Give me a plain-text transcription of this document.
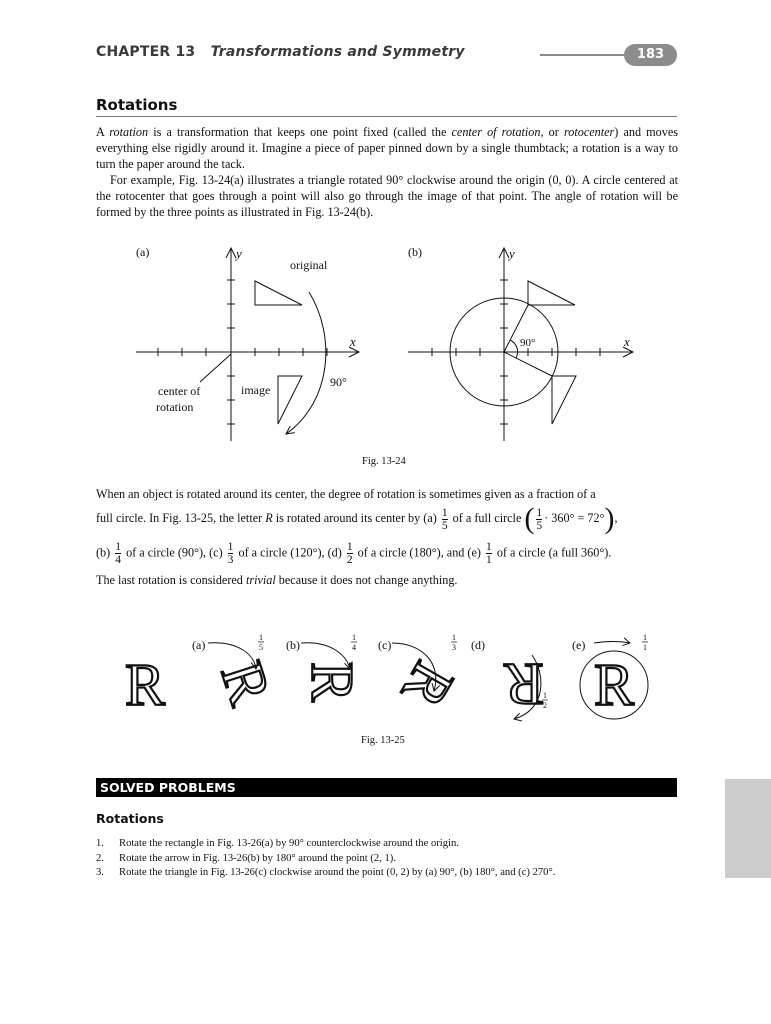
CHAPTER 13 Transformations and Symmetry	183
Rotations

A rotation is a transformation that keeps one point fixed (called the center of rotation, or rotocenter) and moves everything else rigidly around it. Imagine a piece of paper pinned down by a single thumbtack; a rotation is a way to turn the paper around the tack.

For example, Fig. 13-24(a) illustrates a triangle rotated 90° clockwise around the origin (0, 0). A circle centered at the rotocenter that goes through a point will also go through the image of that point. The angle of rotation will be formed by the three points as illustrated in Fig. 13-24(b).

(a)	y
x
original
image
90°
center of
rotation
(b)	y
x
90°
Fig. 13-24
When an object is rotated around its center, the degree of rotation is sometimes given as a fraction of a
full circle. In Fig. 13-25, the letter R is rotated around its center by $(a) \frac{1}{5}$ of a full circle ( $\frac{1}{5} \cdot 360^\circ = 72^\circ$),
$(b) \frac{1}{4}$ of a circle (90°), $(c) \frac{1}{3}$ of a circle (120°), $(d) \frac{1}{2}$ of a circle (180°), and $(e) \frac{1}{1}$ of a circle (a full 360°).
The last rotation is considered trivial because it does not change anything.
R R R R R R
(a)
1
5 (b)
1
4 (c)
1
3 (d)
1
2
(e)
1
1
Fig. 13-25
SOLVED PROBLEMS
Rotations
1.	Rotate the rectangle in Fig. 13-26(a) by 90° counterclockwise around the origin.
2.	Rotate the arrow in Fig. 13-26(b) by 180° around the point (2, 1).
3.	Rotate the triangle in Fig. 13-26(c) clockwise around the point (0, 2) by (a) 90°, (b) 180°, and (c) 270°.
